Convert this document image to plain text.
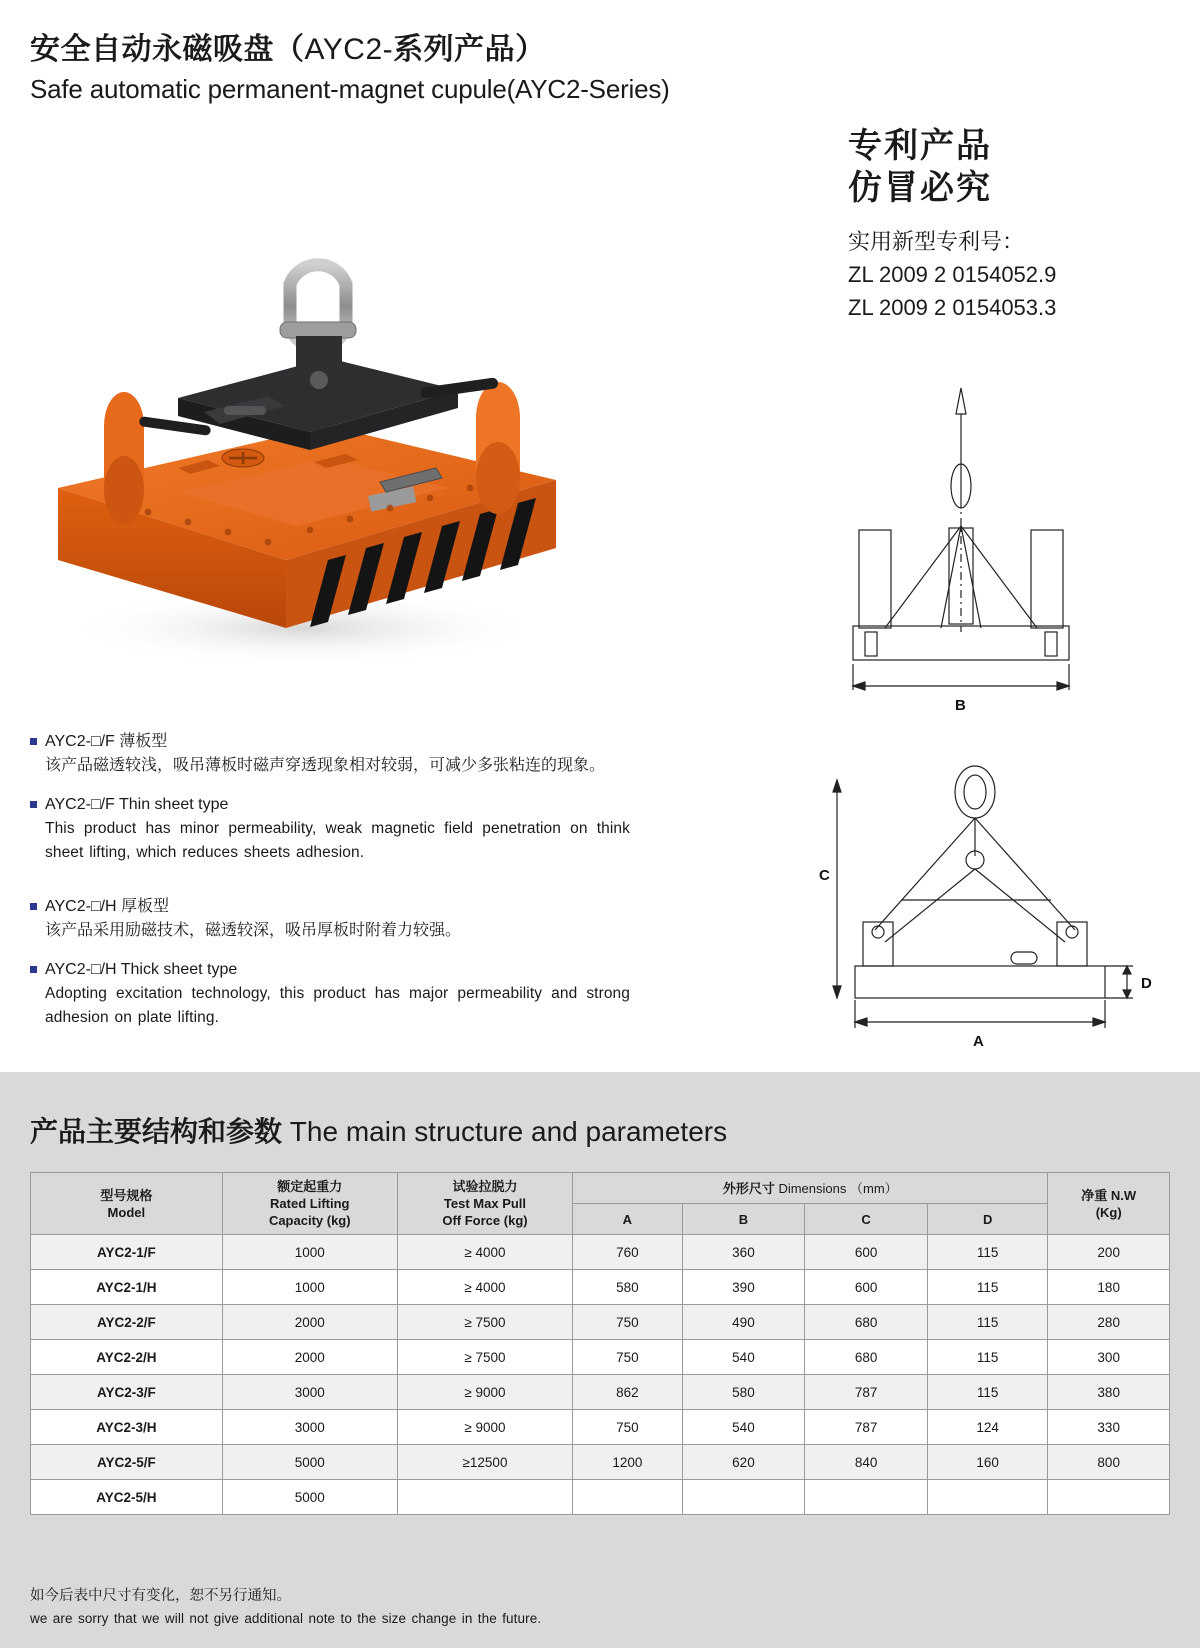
安全自动永磁吸盘（AYC2-系列产品）
Safe automatic permanent-magnet cupule(AYC2-Series)
专利产品
仿冒必究
实用新型专利号：
ZL 2009 2 0154052.9
ZL 2009 2 0154053.3
B
C
D
A
AYC2-□/F 薄板型
该产品磁透较浅，吸吊薄板时磁声穿透现象相对较弱，可减少多张粘连的现象。
AYC2-□/F Thin sheet type
This product has minor permeability, weak magnetic field penetration on think sheet lifting, which reduces sheets adhesion.
AYC2-□/H 厚板型
该产品采用励磁技术，磁透较深，吸吊厚板时附着力较强。
AYC2-□/H Thick sheet type
Adopting excitation technology, this product has major permeability and strong adhesion on plate lifting.
产品主要结构和参数 The main structure and parameters
型号规格
Model

额定起重力
Rated Lifting
Capacity (kg)

试验拉脱力
Test Max Pull
Off Force (kg)
	外形尺寸 Dimensions （mm）	净重 N.W
(Kg)

			A	B	C	D	
AYC2-1/F	1000	≥ 4000	760	360	600	115	200
AYC2-1/H	1000	≥ 4000	580	390	600	115	180
AYC2-2/F	2000	≥ 7500	750	490	680	115	280
AYC2-2/H	2000	≥ 7500	750	540	680	115	300
AYC2-3/F	3000	≥ 9000	862	580	787	115	380
AYC2-3/H	3000	≥ 9000	750	540	787	124	330
AYC2-5/F	5000	≥12500	1200	620	840	160	800
AYC2-5/H	5000						
如今后表中尺寸有变化，恕不另行通知。
we are sorry that we will not give additional note to the size change in the future.
